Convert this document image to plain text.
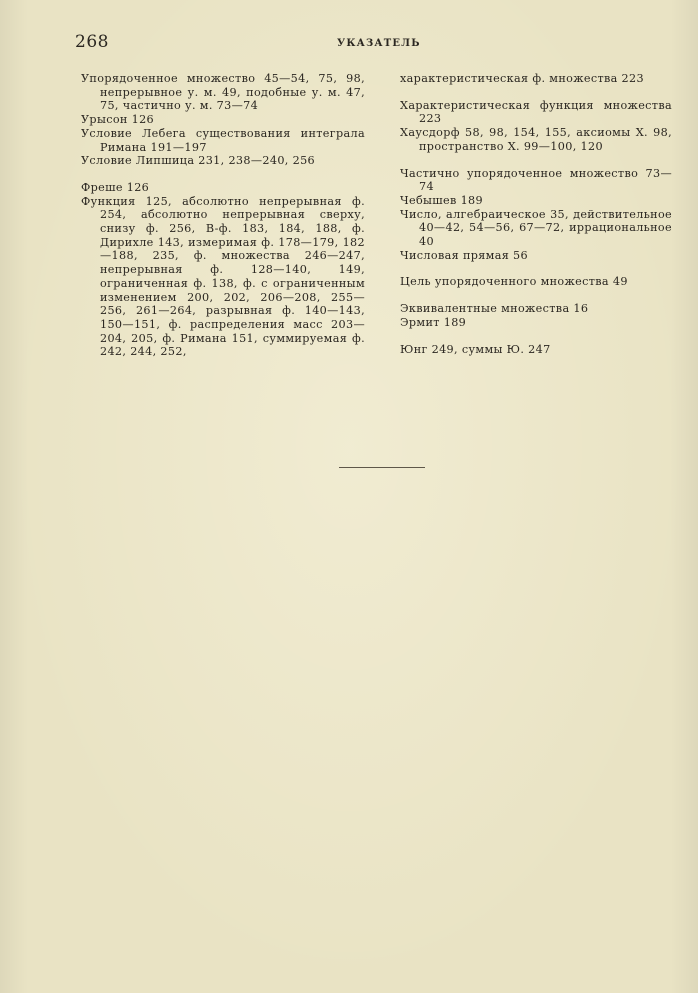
268	УКАЗАТЕЛЬ

Упорядоченное множество 45—54, 75, 98, непрерывное у. м. 49, подобные у. м. 47, 75, частично у. м. 73—74

Урысон 126

Условие Лебега существования интеграла Римана 191—197

Условие Липшица 231, 238—240, 256

Фреше 126

Функция 125, абсолютно непрерывная ф. 254, абсолютно непрерывная сверху, снизу ф. 256, B-ф. 183, 184, 188, ф. Дирихле 143, измеримая ф. 178—179, 182—188, 235, ф. множества 246—247, непрерывная ф. 128—140, 149, ограниченная ф. 138, ф. с ограниченным изменением 200, 202, 206—208, 255—256, 261—264, разрывная ф. 140—143, 150—151, ф. распределения масс 203—204, 205, ф. Римана 151, суммируемая ф. 242, 244, 252,

характеристическая ф. множества 223

Характеристическая функция множества 223

Хаусдорф 58, 98, 154, 155, аксиомы X. 98, пространство X. 99—100, 120

Частично упорядоченное множество 73—74

Чебышев 189

Число, алгебраическое 35, действительное 40—42, 54—56, 67—72, иррациональное 40

Числовая прямая 56

Цель упорядоченного множества 49

Эквивалентные множества 16

Эрмит 189

Юнг 249, суммы Ю. 247
